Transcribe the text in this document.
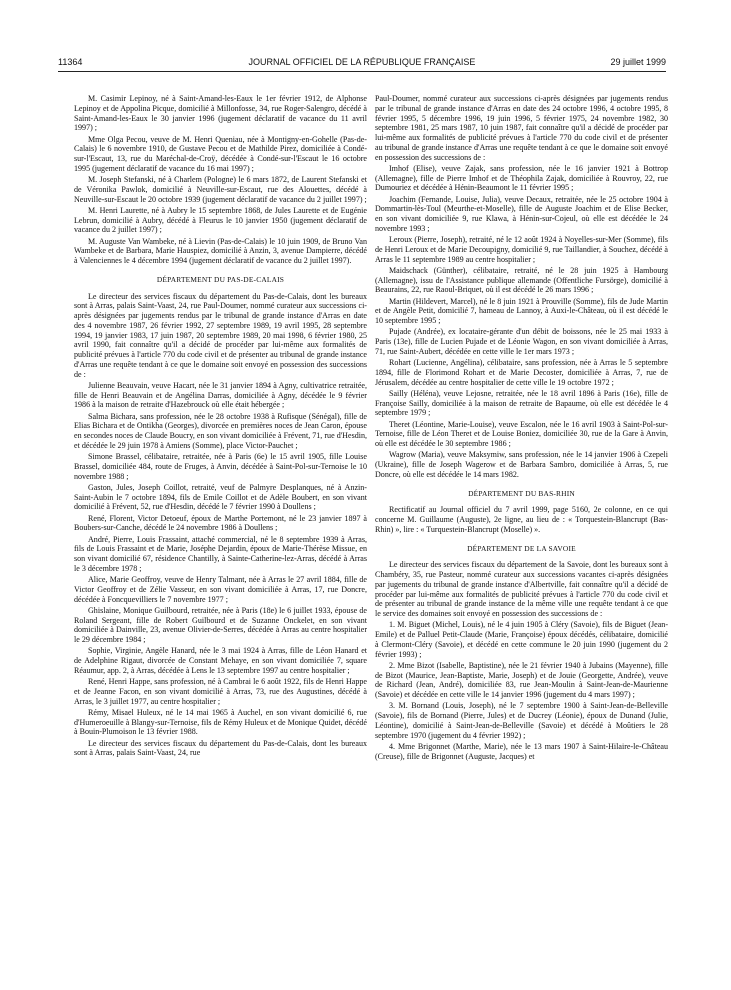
11364	JOURNAL OFFICIEL DE LA RÉPUBLIQUE FRANÇAISE	29 juillet 1999

M. Casimir Lepinoy, né à Saint-Amand-les-Eaux le 1er février 1912, de Alphonse Lepinoy et de Appolina Picque, domicilié à Millonfosse, 34, rue Roger-Salengro, décédé à Saint-Amand-les-Eaux le 30 janvier 1996 (jugement déclaratif de vacance du 11 avril 1997) ;

Mme Olga Pecou, veuve de M. Henri Queniau, née à Montigny-en-Gohelle (Pas-de-Calais) le 6 novembre 1910, de Gustave Pecou et de Mathilde Pirez, domiciliée à Condé-sur-l'Escaut, 13, rue du Maréchal-de-Croÿ, décédée à Condé-sur-l'Escaut le 16 octobre 1995 (jugement déclaratif de vacance du 16 mai 1997) ;

M. Joseph Stefanski, né à Charlem (Pologne) le 6 mars 1872, de Laurent Stefanski et de Véronika Pawlok, domicilié à Neuville-sur-Escaut, rue des Alouettes, décédé à Neuville-sur-Escaut le 20 octobre 1939 (jugement déclaratif de vacance du 2 juillet 1997) ;

M. Henri Laurette, né à Aubry le 15 septembre 1868, de Jules Laurette et de Eugénie Lebrun, domicilié à Aubry, décédé à Fleurus le 10 janvier 1950 (jugement déclaratif de vacance du 2 juillet 1997) ;

M. Auguste Van Wambeke, né à Lievin (Pas-de-Calais) le 10 juin 1909, de Bruno Van Wambeke et de Barbara, Marie Hauspiez, domicilié à Anzin, 3, avenue Dampierre, décédé à Valenciennes le 4 décembre 1994 (jugement déclaratif de vacance du 2 juillet 1997).

DÉPARTEMENT DU PAS-DE-CALAIS

Le directeur des services fiscaux du département du Pas-de-Calais, dont les bureaux sont à Arras, palais Saint-Vaast, 24, rue Paul-Doumer, nommé curateur aux successions ci-après désignées par jugements rendus par le tribunal de grande instance d'Arras en date des 4 novembre 1987, 26 février 1992, 27 septembre 1989, 19 avril 1995, 28 septembre 1994, 19 janvier 1983, 17 juin 1987, 20 septembre 1989, 20 mai 1998, 6 février 1980, 25 avril 1990, fait connaître qu'il a décidé de procéder par lui-même aux formalités de publicité prévues à l'article 770 du code civil et de présenter au tribunal de grande instance d'Arras une requête tendant à ce que le domaine soit envoyé en possession des successions de :

Julienne Beauvain, veuve Hacart, née le 31 janvier 1894 à Agny, cultivatrice retraitée, fille de Henri Beauvain et de Angélina Darras, domiciliée à Agny, décédée le 9 février 1986 à la maison de retraite d'Hazebrouck où elle était hébergée ;

Salma Bichara, sans profession, née le 28 octobre 1938 à Rufisque (Sénégal), fille de Elias Bichara et de Ontikha (Georges), divorcée en premières noces de Jean Caron, épouse en secondes noces de Claude Boucry, en son vivant domiciliée à Frévent, 71, rue d'Hesdin, et décédée le 29 juin 1978 à Amiens (Somme), place Victor-Pauchet ;

Simone Brassel, célibataire, retraitée, née à Paris (6e) le 15 avril 1905, fille Louise Brassel, domiciliée 484, route de Fruges, à Anvin, décédée à Saint-Pol-sur-Ternoise le 10 novembre 1988 ;

Gaston, Jules, Joseph Coillot, retraité, veuf de Palmyre Desplanques, né à Anzin-Saint-Aubin le 7 octobre 1894, fils de Emile Coillot et de Adèle Boubert, en son vivant domicilié à Frévent, 52, rue d'Hesdin, décédé le 7 février 1990 à Doullens ;

René, Florent, Victor Detoeuf, époux de Marthe Portemont, né le 23 janvier 1897 à Boubers-sur-Canche, décédé le 24 novembre 1986 à Doullens ;

André, Pierre, Louis Frassaint, attaché commercial, né le 8 septembre 1939 à Arras, fils de Louis Frassaint et de Marie, Joséphe Dejardin, époux de Marie-Thérèse Missue, en son vivant domicilié 67, résidence Chantilly, à Sainte-Catherine-lez-Arras, décédé à Arras le 3 décembre 1978 ;

Alice, Marie Geoffroy, veuve de Henry Talmant, née à Arras le 27 avril 1884, fille de Victor Geoffroy et de Zélie Vasseur, en son vivant domiciliée à Arras, 17, rue Doncre, décédée à Foncquevilliers le 7 novembre 1977 ;

Ghislaine, Monique Guilbourd, retraitée, née à Paris (18e) le 6 juillet 1933, épouse de Roland Sergeant, fille de Robert Guilbourd et de Suzanne Onckelet, en son vivant domiciliée à Dainville, 23, avenue Olivier-de-Serres, décédée à Arras au centre hospitalier le 29 décembre 1984 ;

Sophie, Virginie, Angèle Hanard, née le 3 mai 1924 à Arras, fille de Léon Hanard et de Adelphine Rigaut, divorcée de Constant Mehaye, en son vivant domiciliée 7, square Réaumur, app. 2, à Arras, décédée à Lens le 13 septembre 1997 au centre hospitalier ;

René, Henri Happe, sans profession, né à Cambrai le 6 août 1922, fils de Henri Happe et de Jeanne Facon, en son vivant domicilié à Arras, 73, rue des Augustines, décédé à Arras, le 3 juillet 1977, au centre hospitalier ;

Rémy, Misael Huleux, né le 14 mai 1965 à Auchel, en son vivant domicilié 6, rue d'Humeroeuille à Blangy-sur-Ternoise, fils de Rémy Huleux et de Monique Quidet, décédé à Bouin-Plumoison le 13 février 1988.

Le directeur des services fiscaux du département du Pas-de-Calais, dont les bureaux sont à Arras, palais Saint-Vaast, 24, rue

Paul-Doumer, nommé curateur aux successions ci-après désignées par jugements rendus par le tribunal de grande instance d'Arras en date des 24 octobre 1996, 4 octobre 1995, 8 février 1995, 5 décembre 1996, 19 juin 1996, 5 février 1975, 24 novembre 1982, 30 septembre 1981, 25 mars 1987, 10 juin 1987, fait connaître qu'il a décidé de procéder par lui-même aux formalités de publicité prévues à l'article 770 du code civil et de présenter au tribunal de grande instance d'Arras une requête tendant à ce que le domaine soit envoyé en possession des successions de :

Imhof (Elise), veuve Zajak, sans profession, née le 16 janvier 1921 à Bottrop (Allemagne), fille de Pierre Imhof et de Théophila Zajak, domiciliée à Rouvroy, 22, rue Dumouriez et décédée à Hénin-Beaumont le 11 février 1995 ;

Joachim (Fernande, Louise, Julia), veuve Decaux, retraitée, née le 25 octobre 1904 à Dommartin-lès-Toul (Meurthe-et-Moselle), fille de Auguste Joachim et de Elise Becker, en son vivant domiciliée 9, rue Klawa, à Hénin-sur-Cojeul, où elle est décédée le 24 novembre 1993 ;

Leroux (Pierre, Joseph), retraité, né le 12 août 1924 à Noyelles-sur-Mer (Somme), fils de Henri Leroux et de Marie Decoupigny, domicilié 9, rue Taillandier, à Souchez, décédé à Arras le 11 septembre 1989 au centre hospitalier ;

Maidschack (Günther), célibataire, retraité, né le 28 juin 1925 à Hambourg (Allemagne), issu de l'Assistance publique allemande (Offentliche Fursörge), domicilié à Beaurains, 22, rue Raoul-Briquet, où il est décédé le 26 mars 1996 ;

Martin (Hildevert, Marcel), né le 8 juin 1921 à Prouville (Somme), fils de Jude Martin et de Angèle Petit, domicilié 7, hameau de Lannoy, à Auxi-le-Château, où il est décédé le 10 septembre 1995 ;

Pujade (Andrée), ex locataire-gérante d'un débit de boissons, née le 25 mai 1933 à Paris (13e), fille de Lucien Pujade et de Léonie Wagon, en son vivant domiciliée à Arras, 71, rue Saint-Aubert, décédée en cette ville le 1er mars 1973 ;

Rohart (Lucienne, Angélina), célibataire, sans profession, née à Arras le 5 septembre 1894, fille de Florimond Rohart et de Marie Decoster, domiciliée à Arras, 7, rue de Jérusalem, décédée au centre hospitalier de cette ville le 19 octobre 1972 ;

Sailly (Héléna), veuve Lejosne, retraitée, née le 18 avril 1896 à Paris (16e), fille de Françoise Sailly, domiciliée à la maison de retraite de Bapaume, où elle est décédée le 4 septembre 1979 ;

Theret (Léontine, Marie-Louise), veuve Escalon, née le 16 avril 1903 à Saint-Pol-sur-Ternoise, fille de Léon Theret et de Louise Boniez, domiciliée 30, rue de la Gare à Anvin, où elle est décédée le 30 septembre 1986 ;

Wagrow (Maria), veuve Maksymiw, sans profession, née le 14 janvier 1906 à Czepeli (Ukraine), fille de Joseph Wagerow et de Barbara Sambro, domiciliée à Arras, 5, rue Doncre, où elle est décédée le 14 mars 1982.

DÉPARTEMENT DU BAS-RHIN

Rectificatif au Journal officiel du 7 avril 1999, page 5160, 2e colonne, en ce qui concerne M. Guillaume (Auguste), 2e ligne, au lieu de : « Torquestein-Blancrupt (Bas-Rhin) », lire : « Turquestein-Blancrupt (Moselle) ».

DÉPARTEMENT DE LA SAVOIE

Le directeur des services fiscaux du département de la Savoie, dont les bureaux sont à Chambéry, 35, rue Pasteur, nommé curateur aux successions vacantes ci-après désignées par jugements du tribunal de grande instance d'Albertville, fait connaître qu'il a décidé de procéder par lui-même aux formalités de publicité prévues à l'article 770 du code civil et de présenter au tribunal de grande instance de la même ville une requête tendant à ce que le service des domaines soit envoyé en possession des successions de :

1. M. Biguet (Michel, Louis), né le 4 juin 1905 à Cléry (Savoie), fils de Biguet (Jean-Emile) et de Palluel Petit-Claude (Marie, Françoise) époux décédés, célibataire, domicilié à Clermont-Cléry (Savoie), et décédé en cette commune le 20 juin 1990 (jugement du 2 février 1993) ;

2. Mme Bizot (Isabelle, Baptistine), née le 21 février 1940 à Jubains (Mayenne), fille de Bizot (Maurice, Jean-Baptiste, Marie, Joseph) et de Jouie (Georgette, Andrée), veuve de Richard (Jean, André), domiciliée 83, rue Jean-Moulin à Saint-Jean-de-Maurienne (Savoie) et décédée en cette ville le 14 janvier 1996 (jugement du 4 mars 1997) ;

3. M. Bornand (Louis, Joseph), né le 7 septembre 1900 à Saint-Jean-de-Belleville (Savoie), fils de Bornand (Pierre, Jules) et de Ducrey (Léonie), époux de Dunand (Julie, Léontine), domicilié à Saint-Jean-de-Belleville (Savoie) et décédé à Moûtiers le 28 septembre 1970 (jugement du 4 février 1992) ;

4. Mme Brigonnet (Marthe, Marie), née le 13 mars 1907 à Saint-Hilaire-le-Château (Creuse), fille de Brigonnet (Auguste, Jacques) et
